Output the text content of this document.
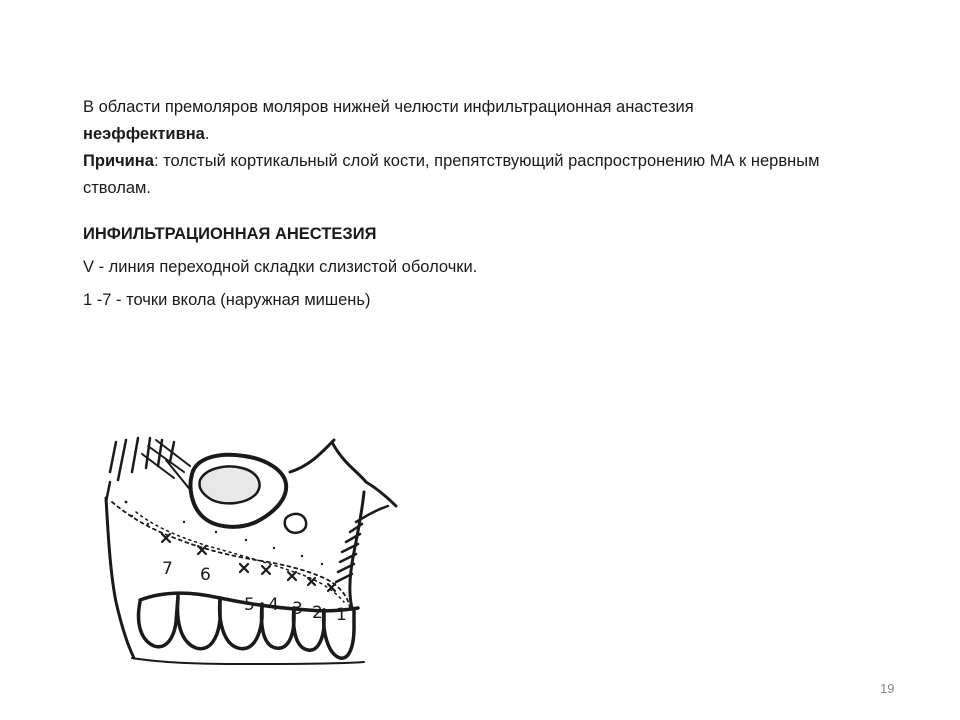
В области премоляров моляров нижней челюсти инфильтрационная анастезия
неэффективна.

Причина: толстый кортикальный слой кости, препятствующий распростронению МА к нервным стволам.

ИНФИЛЬТРАЦИОННАЯ АНЕСТЕЗИЯ

V - линия переходной складки слизистой оболочки.

1 -7 - точки вкола (наружная мишень)

7 6
5 4 3 2 1
19
